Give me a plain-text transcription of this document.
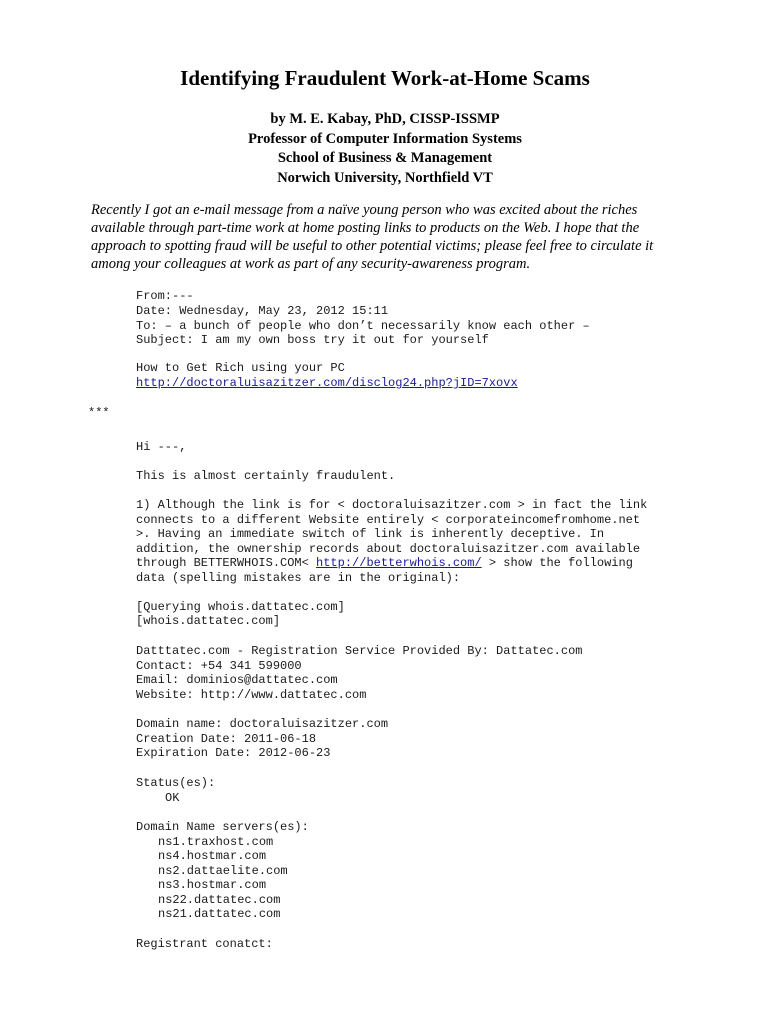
Identifying Fraudulent Work-at-Home Scams
by M. E. Kabay, PhD, CISSP-ISSMP
Professor of Computer Information Systems
School of Business & Management
Norwich University, Northfield VT
Recently I got an e-mail message from a naïve young person who was excited about the riches
available through part-time work at home posting links to products on the Web. I hope that the
approach to spotting fraud will be useful to other potential victims; please feel free to circulate it
among your colleagues at work as part of any security-awareness program.
From:---
Date: Wednesday, May 23, 2012 15:11
To: – a bunch of people who don’t necessarily know each other –
Subject: I am my own boss try it out for yourself
How to Get Rich using your PC
http://doctoraluisazitzer.com/disclog24.php?jID=7xovx
***
Hi ---,
This is almost certainly fraudulent.
1) Although the link is for < doctoraluisazitzer.com > in fact the link
connects to a different Website entirely < corporateincomefromhome.net
>. Having an immediate switch of link is inherently deceptive. In
addition, the ownership records about doctoraluisazitzer.com available
through BETTERWHOIS.COM< http://betterwhois.com/ > show the following
data (spelling mistakes are in the original):
[Querying whois.dattatec.com]
[whois.dattatec.com]
Datttatec.com - Registration Service Provided By: Dattatec.com
Contact: +54 341 599000
Email: dominios@dattatec.com
Website: http://www.dattatec.com
Domain name: doctoraluisazitzer.com
Creation Date: 2011-06-18
Expiration Date: 2012-06-23
Status(es):
OK
Domain Name servers(es):
ns1.traxhost.com
ns4.hostmar.com
ns2.dattaelite.com
ns3.hostmar.com
ns22.dattatec.com
ns21.dattatec.com
Registrant conatct:
